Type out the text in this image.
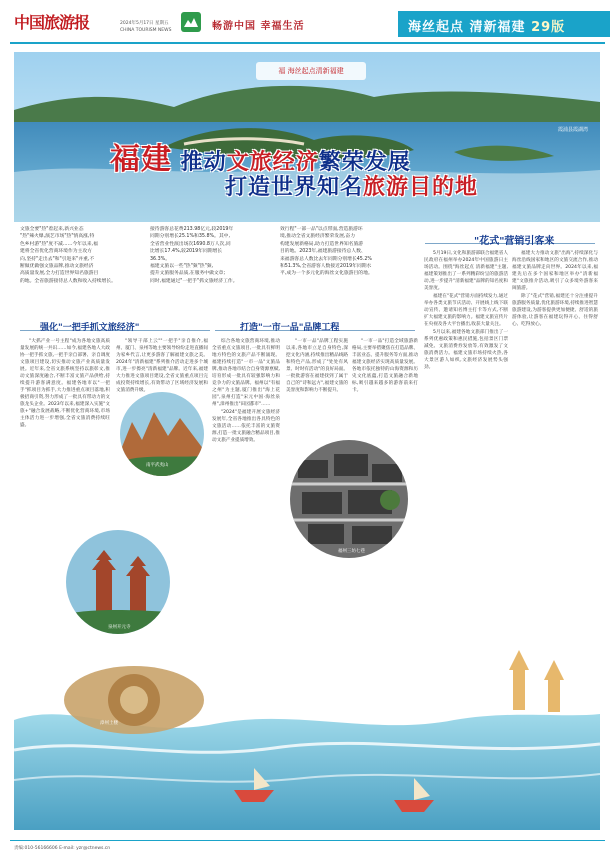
中国旅游报	2024年5月17日 星期五
CHINA TOURISM NEWS	畅游中国 幸福生活	海丝起点 清新福建 29版
福 海丝起点清新福建
霞浦县霞湖湾
福建 推动文旅经济繁荣发展
打造世界知名旅游目的地
文旅全要"热"着起来,新兴业态
"热"辣火爆,演艺市场"热"情高涨,特
色乡村游"热"度不减……今年以来,福
建将全省优化营商环境作为主攻方
向,坚持"走出去"和"引进来"并重,不
断做优做强文旅品牌,推动文旅经济
高质量发展,全力打造世界知名旅游目
的地。全省旅游接待总人数和收入持续增长。
接待游客总花费213.98亿元,较2019年
同期分别增长25.1%和35.8%。其中,
全省营业性演出场次1690.8万人次,同
比增长17.4%,较2019年同期增长
36.3%。
福建文旅以一些"热"频"热"频,
提升文旅服务品质,在服务中做文章;
同时,福建通过"一把手"抓文旅经济工作。
效行程"一部一品"以点带面,营造旅游环
境,推动全省文旅经济繁荣发展,奋力
构建发展新格局,助力打造世界知名旅游
目的地。2023年,福建旅游接待总人数、
来福游客总人数比去年同期分别增长45.2%
和51.3%,全省游客人数接近2019年同期水
平,成为一个多元化的海丝文化旅游目的地。
"花式"营销引客来
强化"一把手抓文旅经济"	打造"一市一品"品牌工程

"大抓产业一号主程"成为各地文旅高质量发展的统一共识……如今,福建各地人大政协一把手抓文旅,一把手亲自部署、亲自调度文旅项目建设,切实推动文旅产业高质量发展。近年来,全省文旅系统坚持以旅彰文,推动文旅深度融合,不断丰富文旅产品供给,持续提升游客满意度。福建各地市以"一把手"抓项目为抓手,大力推进重点项目落地,积极招商引资,努力形成了一批具有带动力的文旅龙头企业。2023年以来,福建深入实施"文旅+"融合发展战略,不断优化营商环境,市场主体活力进一步增强,全省文旅消费持续旺盛。

"领导干部上云""一把手"亲自推介,福州、厦门、泉州等地主要领导纷纷走进直播间为家乡代言,让更多游客了解福建文旅之美。2024年"清新福建"系列推介活动走进多个城市,进一步擦亮"清新福建"品牌。近年来,福建大力推进文旅项目建设,全省文旅重点项目完成投资持续增长,有效带动了区域经济发展和文旅消费升级。

南平武夷山

综合各地文旅营商环境,推动全省重点文旅项目,一批具有鲜明地方特色的文旅产品不断涌现。福建持续打造"一市一品"文旅品牌,推动各地市结合自身资源禀赋,培育形成一批具有较强影响力和竞争力的文旅品牌。福州以"有福之州"为主题,厦门推出"海上花园",泉州打造"宋元中国·海丝泉州",漳州推出"田园都市"……

"2024"是福建开展文旅经济发展年,全省各地推出各具特色的文旅活动……依托丰富的文旅资源,打造一批文旅融合精品项目,推动文旅产业提质增效。

"一市一品"品牌工程实施以来,各地市立足自身特色,深挖文化内涵,持续推出精品线路和特色产品,形成了"处处有风景、时时有活动"的良好局面。一批批游客在福建找到了属于自己的"诗和远方",福建文旅的美誉度和影响力不断提升。

"一市一品"打造全域旅游新格局,主要举措聚焦在打造品牌、丰富业态、提升服务等方面,推动福建文旅经济实现高质量发展。各地市依托独特的山海资源和历史文化底蕴,打造文旅融合新地标,吸引越来越多的游客前来打卡。

福州三坊七巷
泉州开元寺

5月19日,文化和旅游部联合福建省人民政府在福州举办2024年中国旅游日主场活动。围绕"海丝起点 清新福建"主题,福建策划推出了一系列精彩纷呈的旅游活动,进一步提升"清新福建"品牌的知名度和美誉度。

福建在"花式"营销方面持续发力,通过举办各类文旅节庆活动、开展线上线下联动宣传、邀请知名博主打卡等方式,不断扩大福建文旅的影响力。福建文旅宣传片在央视及各大平台播出,收获大量关注。

5月以来,福建各地文旅部门推出了一系列优惠政策和惠民措施,包括景区门票减免、文旅消费券发放等,有效激发了文旅消费活力。福建文旅市场持续火热,各大景区游人如织,文旅经济发展势头强劲。

福建大力推动文旅"出海",持续深化与海丝沿线国家和地区的文旅交流合作,推动福建文旅品牌走向世界。2024年以来,福建先后在多个国家和地区举办"清新福建"文旅推介活动,吸引了众多境外游客来闽旅游。

除了"花式"营销,福建还十分注重提升旅游服务质量,优化旅游环境,持续推进智慧旅游建设,为游客提供更加便捷、舒适的旅游体验,让游客在福建玩得开心、住得舒心、吃得放心。

漳州土楼
责编:010-56166606 E-mail: yzr@ctnews.cn
